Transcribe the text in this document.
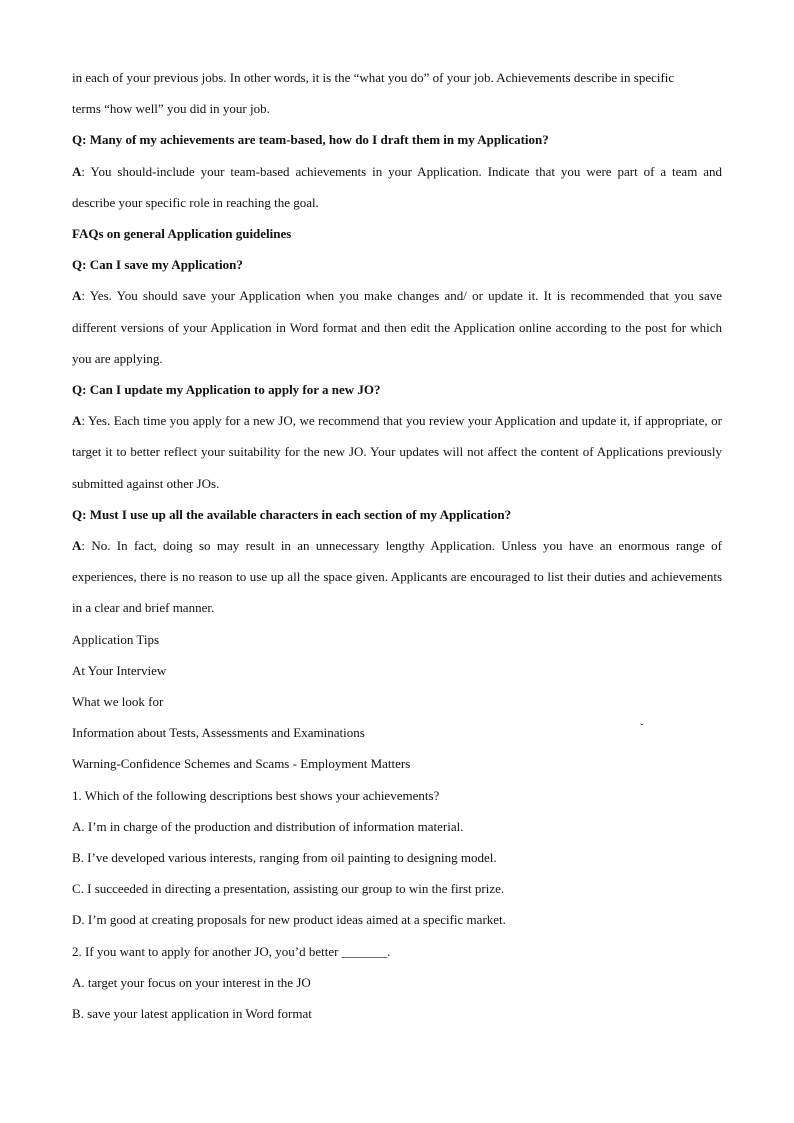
in each of your previous jobs. In other words, it is the “what you do” of your job. Achievements describe in specific
terms “how well” you did in your job.

Q: Many of my achievements are team-based, how do I draft them in my Application?

A: You should-include your team-based achievements in your Application. Indicate that you were part of a team and describe your specific role in reaching the goal.

FAQs on general Application guidelines

Q: Can I save my Application?

A: Yes. You should save your Application when you make changes and/ or update it. It is recommended that you save different versions of your Application in Word format and then edit the Application online according to the post for which you are applying.

Q: Can I update my Application to apply for a new JO?

A: Yes. Each time you apply for a new JO, we recommend that you review your Application and update it, if appropriate, or target it to better reflect your suitability for the new JO. Your updates will not affect the content of Applications previously submitted against other JOs.

Q: Must I use up all the available characters in each section of my Application?

A: No. In fact, doing so may result in an unnecessary lengthy Application. Unless you have an enormous range of experiences, there is no reason to use up all the space given. Applicants are encouraged to list their duties and achievements in a clear and brief manner.

Application Tips

At Your Interview

What we look for

Information about Tests, Assessments and Examinations

Warning-Confidence Schemes and Scams - Employment Matters

1. Which of the following descriptions best shows your achievements?

A. I’m in charge of the production and distribution of information material.

B. I’ve developed various interests, ranging from oil painting to designing model.

C. I succeeded in directing a presentation, assisting our group to win the first prize.

D. I’m good at creating proposals for new product ideas aimed at a specific market.

2. If you want to apply for another JO, you’d better _______.

A. target your focus on your interest in the JO

B. save your latest application in Word format

ˇ
